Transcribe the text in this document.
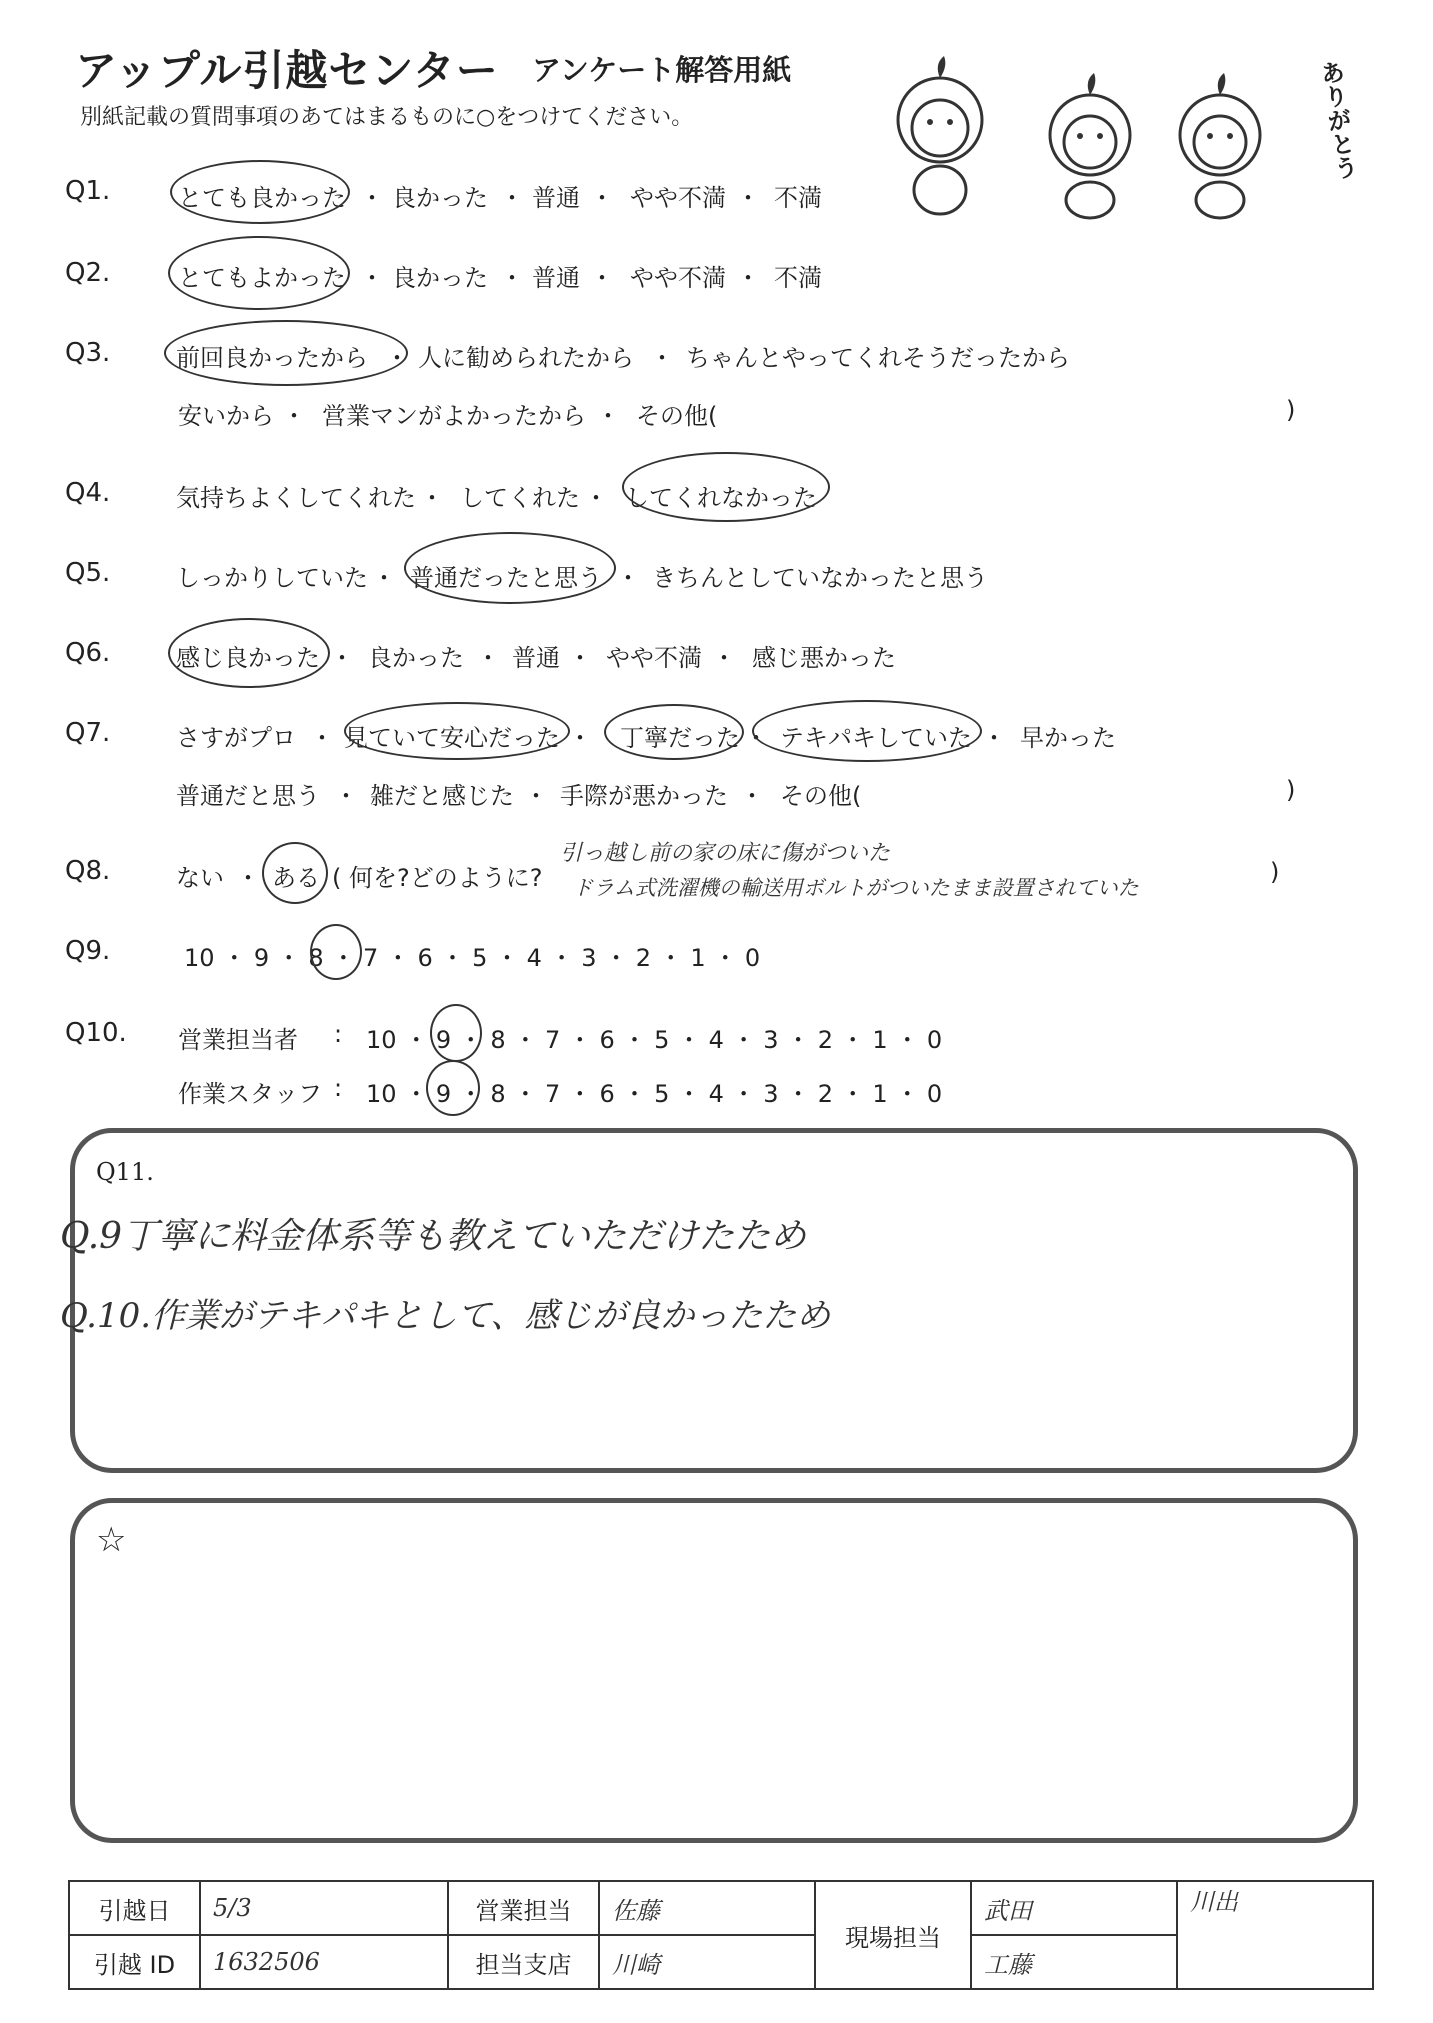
アップル引越センター アンケート解答用紙
別紙記載の質問事項のあてはまるものに○をつけてください。	ありがとう
Q1.	とても良かった ・ 良かった ・ 普通 ・ やや不満 ・ 不満
Q2.	とてもよかった ・ 良かった ・ 普通 ・ やや不満 ・ 不満
Q3.	前回良かったから ・ 人に勧められたから ・ ちゃんとやってくれそうだったから
安いから ・ 営業マンがよかったから ・ その他(	)
Q4.	気持ちよくしてくれた ・ してくれた ・ してくれなかった
Q5.	しっかりしていた ・ 普通だったと思う ・ きちんとしていなかったと思う
Q6.	感じ良かった ・ 良かった ・ 普通 ・ やや不満 ・ 感じ悪かった
Q7.	さすがプロ ・ 見ていて安心だった ・ 丁寧だった ・ テキパキしていた ・ 早かった
普通だと思う ・ 雑だと感じた ・ 手際が悪かった ・ その他(	)
Q8.	ない ・ ある ( 何を?どのように?
引っ越し前の家の床に傷がついた
ドラム式洗濯機の輸送用ボルトがついたまま設置されていた
)
Q9.	10 ・ 9 ・ 8 ・ 7 ・ 6 ・ 5 ・ 4 ・ 3 ・ 2 ・ 1 ・ 0
Q10. 営業担当者 : 10 ・ 9 ・ 8 ・ 7 ・ 6 ・ 5 ・ 4 ・ 3 ・ 2 ・ 1 ・ 0
作業スタッフ : 10 ・ 9 ・ 8 ・ 7 ・ 6 ・ 5 ・ 4 ・ 3 ・ 2 ・ 1 ・ 0
Q11.
Q.9丁寧に料金体系等も教えていただけたため
Q.10.作業がテキパキとして、感じが良かったため
☆
引越日	5/3	営業担当	佐藤	現場担当	武田	川出
引越 ID	1632506	担当支店	川崎		工藤	
